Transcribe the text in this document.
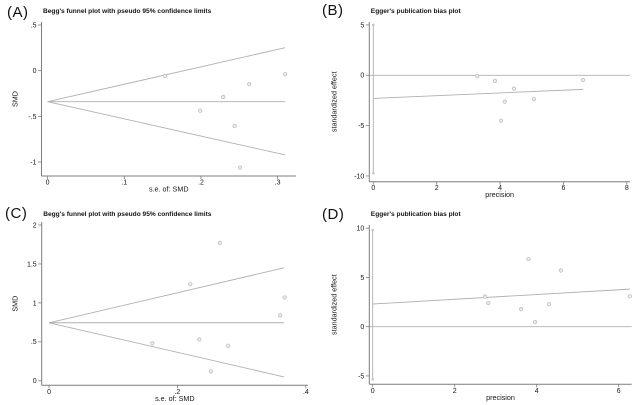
(A)
0	.1	.2	.3
.5
0
-.5
-1
Begg's funnel plot with pseudo 95% confidence limits
s.e. of: SMD
SMD
(B)
0	2	4	6	8
5
0
-5
-10
Egger's publication bias plot
precision
standardized effect
(C)
0	.2	.4
2
1.5
1
.5
0
Begg's funnel plot with pseudo 95% confidence limits
s.e. of: SMD
SMD
(D)
0	2	4	6
10
5
0
-5
Egger's publication bias plot
precision
standardized effect
